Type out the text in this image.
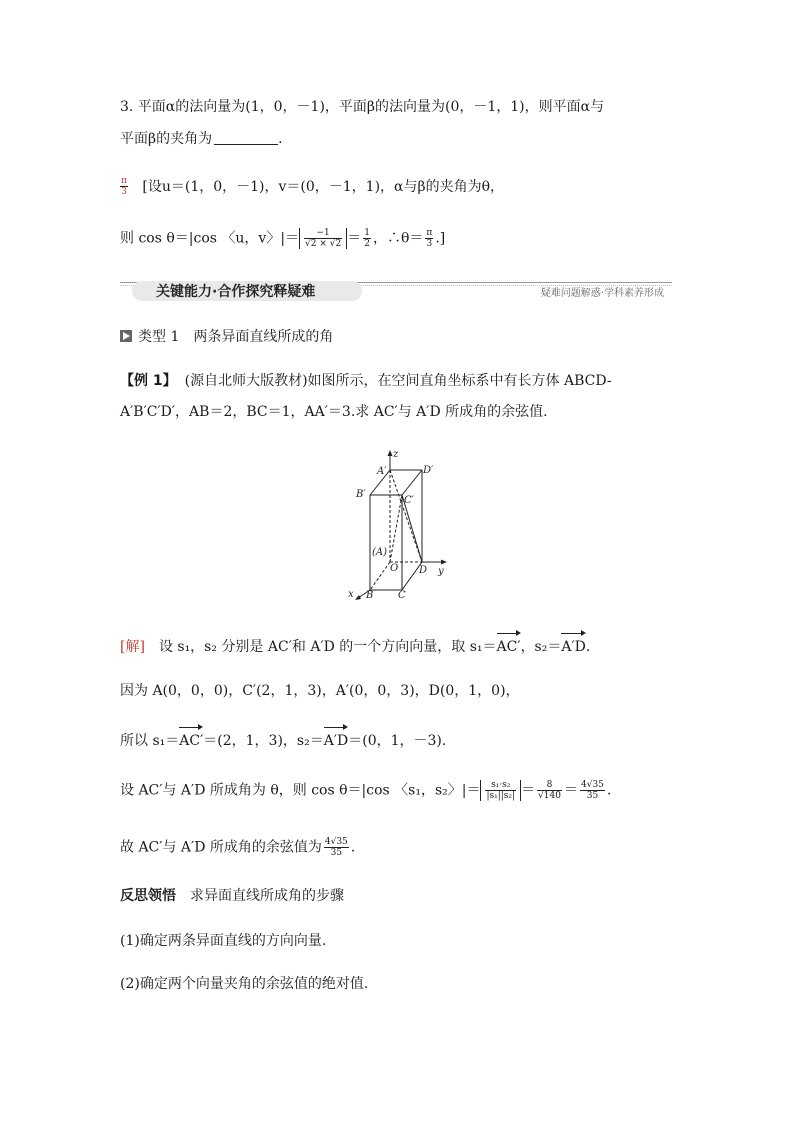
3. 平面α的法向量为(1，0，－1)，平面β的法向量为(0，－1，1)，则平面α与
平面β的夹角为	.
$\frac{\pi}{3}$ [设u＝(1，0，－1)，v＝(0，－1，1)，α与β的夹角为θ，
则 cos θ＝|cos 〈u，v〉|＝ $\frac{-1}{√2 \times √2} = \frac{1}{2}$ ，∴θ＝ $\frac{\pi}{3}$ .]
关键能力·合作探究释疑难	疑难问题解惑·学科素养形成
类型 1 两条异面直线所成的角
【例 1】 (源自北师大版教材)如图所示，在空间直角坐标系中有长方体 ABCD-
A′B′C′D′，AB＝2，BC＝1，AA′＝3.求 AC′与 A′D 所成角的余弦值.
z
A′	D′
B′
C′
(A)
O D y
x B C
[解] 设 s₁，s₂ 分别是 AC′和 A′D 的一个方向向量，取 s₁＝AC′，s₂＝A′D.
因为 A(0，0，0)，C′(2，1，3)，A′(0，0，3)，D(0，1，0)，
所以 s₁＝AC′＝(2，1，3)，s₂＝A′D＝(0，1，－3).
设 AC′与 A′D 所成角为 θ，则 cos θ＝|cos 〈s₁，s₂〉|＝ $\frac{\text{s₁·s₂}}{\text{|s₁||s₂|}} = \frac{8}{√140} = \frac{4√35}{35}$ .
故 AC′与 A′D 所成角的余弦值为 $\frac{4√35}{35}$ .
反思领悟 求异面直线所成角的步骤
(1)确定两条异面直线的方向向量.
(2)确定两个向量夹角的余弦值的绝对值.
